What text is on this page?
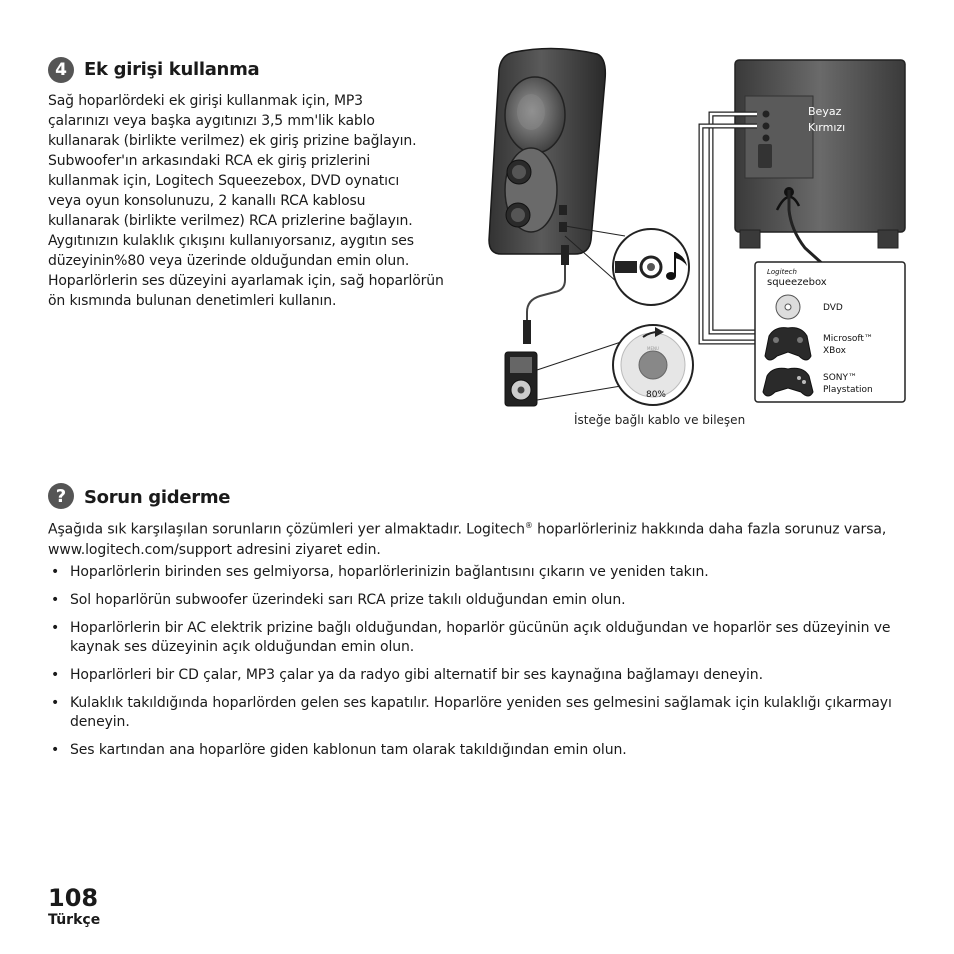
4 Ek girişi kullanma
Sağ hoparlördeki ek girişi kullanmak için, MP3
çalarınızı veya başka aygıtınızı 3,5 mm'lik kablo
kullanarak (birlikte verilmez) ek giriş prizine bağlayın.
Subwoofer'ın arkasındaki RCA ek giriş prizlerini
kullanmak için, Logitech Squeezebox, DVD oynatıcı
veya oyun konsolunuzu, 2 kanallı RCA kablosu
kullanarak (birlikte verilmez) RCA prizlerine bağlayın.
Aygıtınızın kulaklık çıkışını kullanıyorsanız, aygıtın ses
düzeyinin%80 veya üzerinde olduğundan emin olun.
Hoparlörlerin ses düzeyini ayarlamak için, sağ hoparlörün
ön kısmında bulunan denetimleri kullanın.
MENU
80%
Beyaz
Kırmızı
Logitech
squeezebox
DVD
Microsoft™
XBox
SONY™
Playstation
İsteğe bağlı kablo ve bileşen
? Sorun giderme
Aşağıda sık karşılaşılan sorunların çözümleri yer almaktadır. Logitech® hoparlörleriniz hakkında daha fazla sorunuz varsa, www.logitech.com/support adresini ziyaret edin.
• Hoparlörlerin birinden ses gelmiyorsa, hoparlörlerinizin bağlantısını çıkarın ve yeniden takın.
• Sol hoparlörün subwoofer üzerindeki sarı RCA prize takılı olduğundan emin olun.
• Hoparlörlerin bir AC elektrik prizine bağlı olduğundan, hoparlör gücünün açık olduğundan ve hoparlör ses düzeyinin ve kaynak ses düzeyinin açık olduğundan emin olun.
• Hoparlörleri bir CD çalar, MP3 çalar ya da radyo gibi alternatif bir ses kaynağına bağlamayı deneyin.
• Kulaklık takıldığında hoparlörden gelen ses kapatılır. Hoparlöre yeniden ses gelmesini sağlamak için kulaklığı çıkarmayı deneyin.
• Ses kartından ana hoparlöre giden kablonun tam olarak takıldığından emin olun.
108
Türkçe
